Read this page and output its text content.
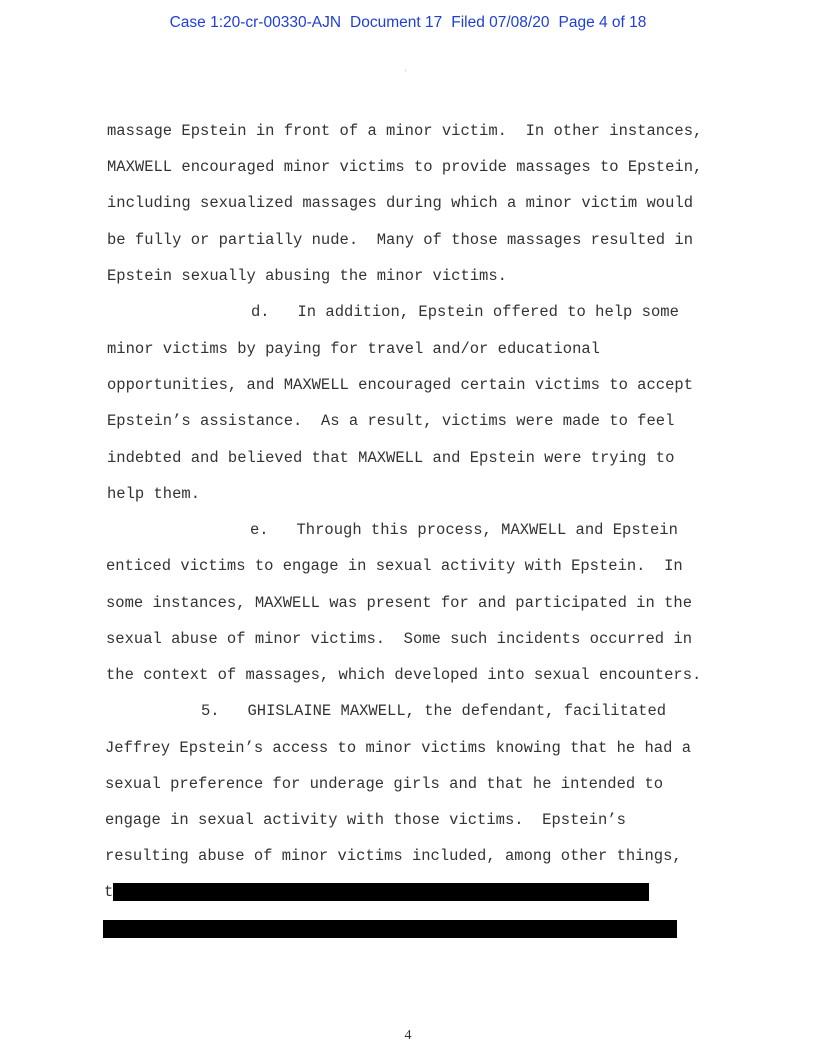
Case 1:20-cr-00330-AJN Document 17 Filed 07/08/20 Page 4 of 18
'
massage Epstein in front of a minor victim.  In other instances,
MAXWELL encouraged minor victims to provide massages to Epstein,
including sexualized massages during which a minor victim would
be fully or partially nude.  Many of those massages resulted in
Epstein sexually abusing the minor victims.
d.   In addition, Epstein offered to help some
minor victims by paying for travel and/or educational
opportunities, and MAXWELL encouraged certain victims to accept
Epstein’s assistance.  As a result, victims were made to feel
indebted and believed that MAXWELL and Epstein were trying to
help them.
e.   Through this process, MAXWELL and Epstein
enticed victims to engage in sexual activity with Epstein.  In
some instances, MAXWELL was present for and participated in the
sexual abuse of minor victims.  Some such incidents occurred in
the context of massages, which developed into sexual encounters.
5.   GHISLAINE MAXWELL, the defendant, facilitated
Jeffrey Epstein’s access to minor victims knowing that he had a
sexual preference for underage girls and that he intended to
engage in sexual activity with those victims.  Epstein’s
resulting abuse of minor victims included, among other things,
t
4
